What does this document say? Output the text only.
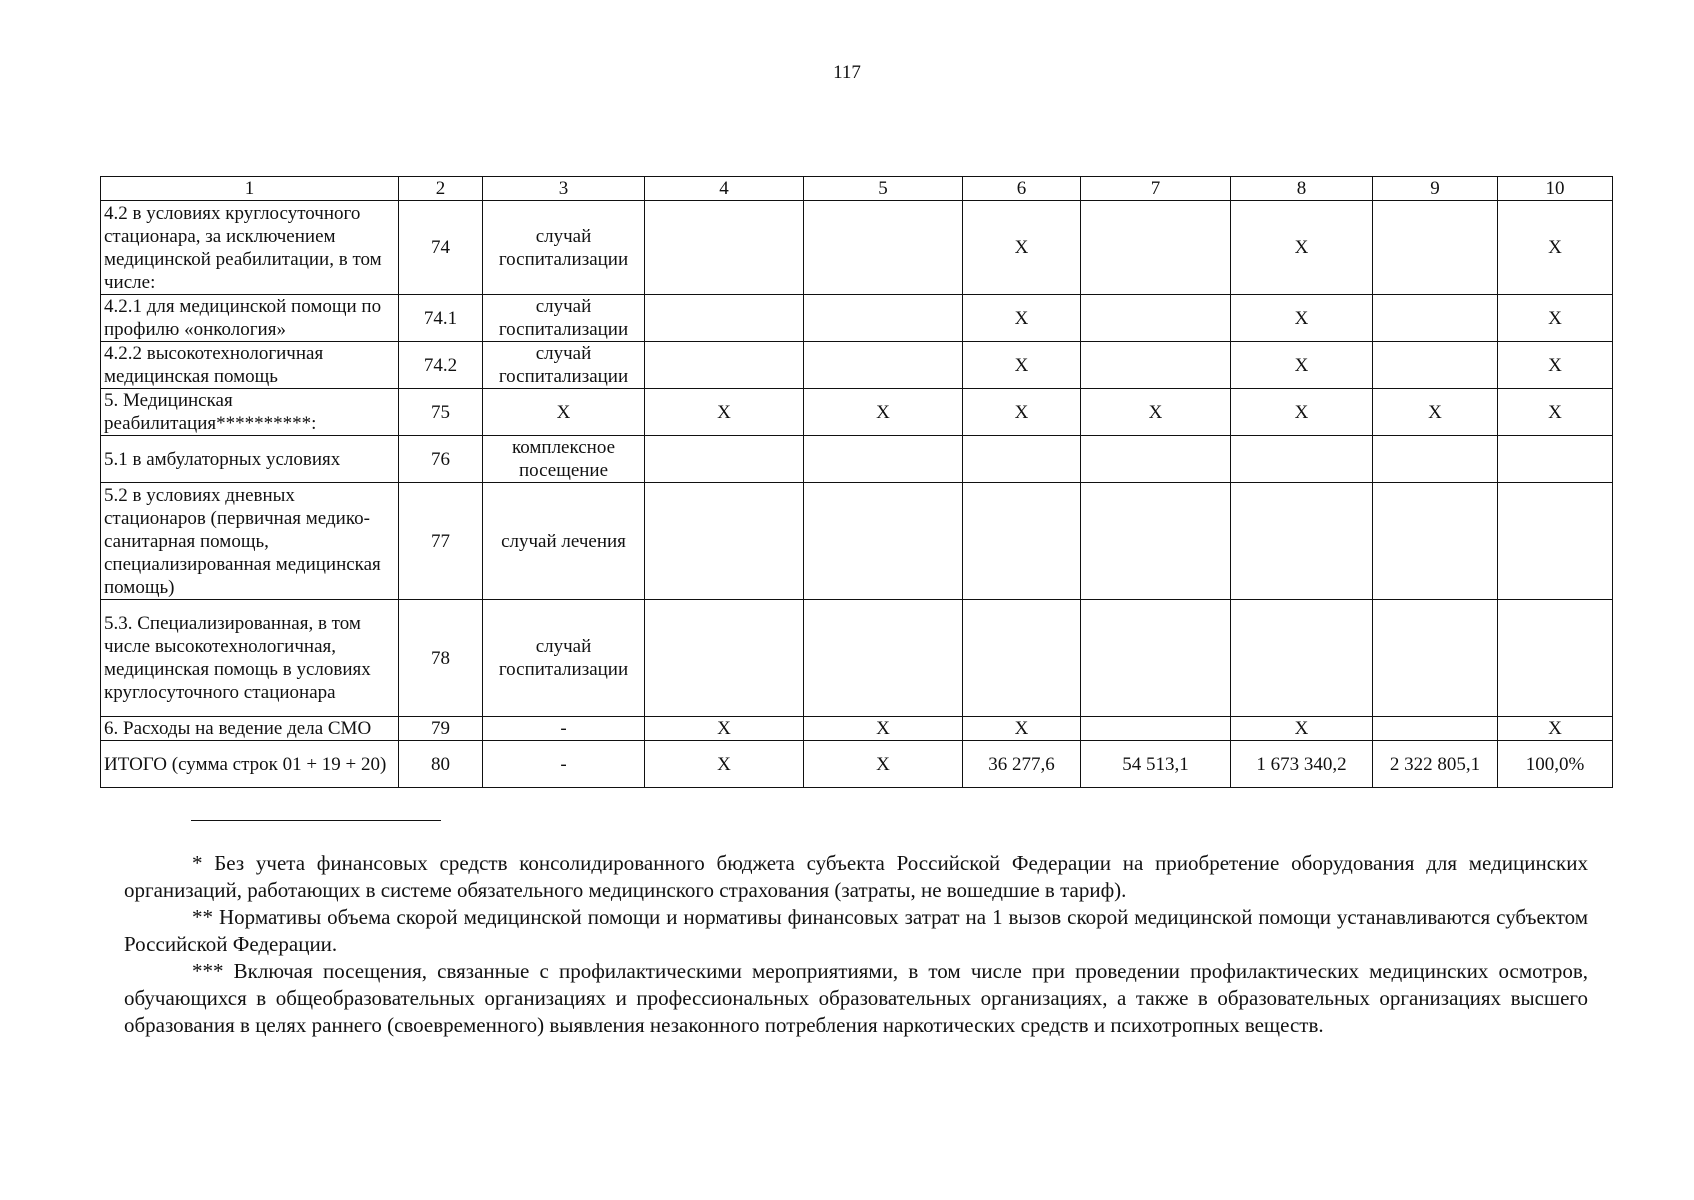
117
1	2	3	4	5	6	7	8	9	10
4.2 в условиях круглосуточного стационара, за исключением медицинской реабилитации, в том числе:	74	случай госпитализации			X		X		X
4.2.1 для медицинской помощи по профилю «онкология»	74.1	случай госпитализации			X		X		X
4.2.2 высокотехнологичная медицинская помощь	74.2	случай госпитализации			X		X		X
5. Медицинская реабилитация**********:	75	X	X	X	X	X	X	X	X
5.1 в амбулаторных условиях	76	комплексное посещение							
5.2 в условиях дневных стационаров (первичная медико-санитарная помощь, специализированная медицинская помощь)	77	случай лечения							
5.3. Специализированная, в том числе высокотехнологичная, медицинская помощь в условиях круглосуточного стационара	78	случай госпитализации							
6. Расходы на ведение дела СМО	79	-	X	X	X		X		X
ИТОГО (сумма строк 01 + 19 + 20)	80	-	X	X	36 277,6	54 513,1	1 673 340,2	2 322 805,1	100,0%

* Без учета финансовых средств консолидированного бюджета субъекта Российской Федерации на приобретение оборудования для медицинских организаций, работающих в системе обязательного медицинского страхования (затраты, не вошедшие в тариф).

** Нормативы объема скорой медицинской помощи и нормативы финансовых затрат на 1 вызов скорой медицинской помощи устанавливаются субъектом Российской Федерации.

*** Включая посещения, связанные с профилактическими мероприятиями, в том числе при проведении профилактических медицинских осмотров, обучающихся в общеобразовательных организациях и профессиональных образовательных организациях, а также в образовательных организациях высшего образования в целях раннего (своевременного) выявления незаконного потребления наркотических средств и психотропных веществ.
